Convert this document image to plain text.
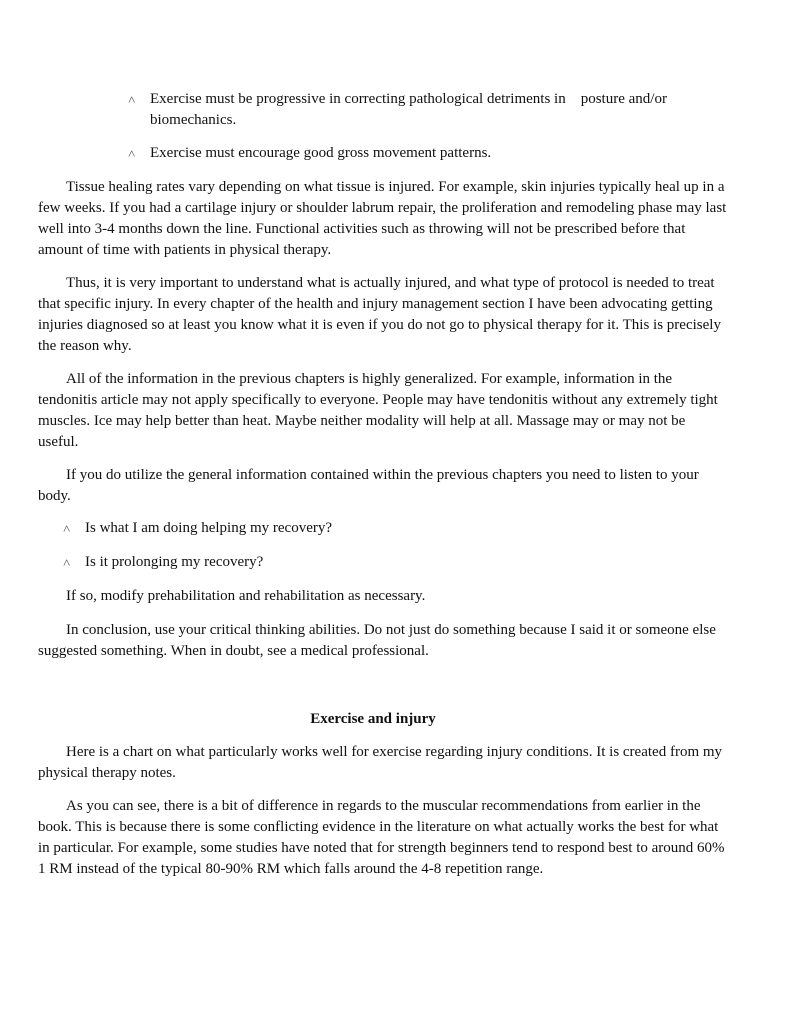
˄ Exercise must be progressive in correcting pathological detriments in    posture and/or biomechanics.
˄ Exercise must encourage good gross movement patterns.

Tissue healing rates vary depending on what tissue is injured. For example, skin injuries typically heal up in a few weeks. If you had a cartilage injury or shoulder labrum repair, the proliferation and remodeling phase may last well into 3-4 months down the line. Functional activities such as throwing will not be prescribed before that amount of time with patients in physical therapy.

Thus, it is very important to understand what is actually injured, and what type of protocol is needed to treat that specific injury. In every chapter of the health and injury management section I have been advocating getting injuries diagnosed so at least you know what it is even if you do not go to physical therapy for it. This is precisely the reason why.

All of the information in the previous chapters is highly generalized. For example, information in the tendonitis article may not apply specifically to everyone. People may have tendonitis without any extremely tight muscles. Ice may help better than heat. Maybe neither modality will help at all. Massage may or may not be useful.

If you do utilize the general information contained within the previous chapters you need to listen to your body.

˄ Is what I am doing helping my recovery?
˄ Is it prolonging my recovery?

If so, modify prehabilitation and rehabilitation as necessary.

In conclusion, use your critical thinking abilities. Do not just do something because I said it or someone else suggested something. When in doubt, see a medical professional.

Exercise and injury

Here is a chart on what particularly works well for exercise regarding injury conditions. It is created from my physical therapy notes.

As you can see, there is a bit of difference in regards to the muscular recommendations from earlier in the book. This is because there is some conflicting evidence in the literature on what actually works the best for what in particular. For example, some studies have noted that for strength beginners tend to respond best to around 60% 1 RM instead of the typical 80-90% RM which falls around the 4-8 repetition range.
